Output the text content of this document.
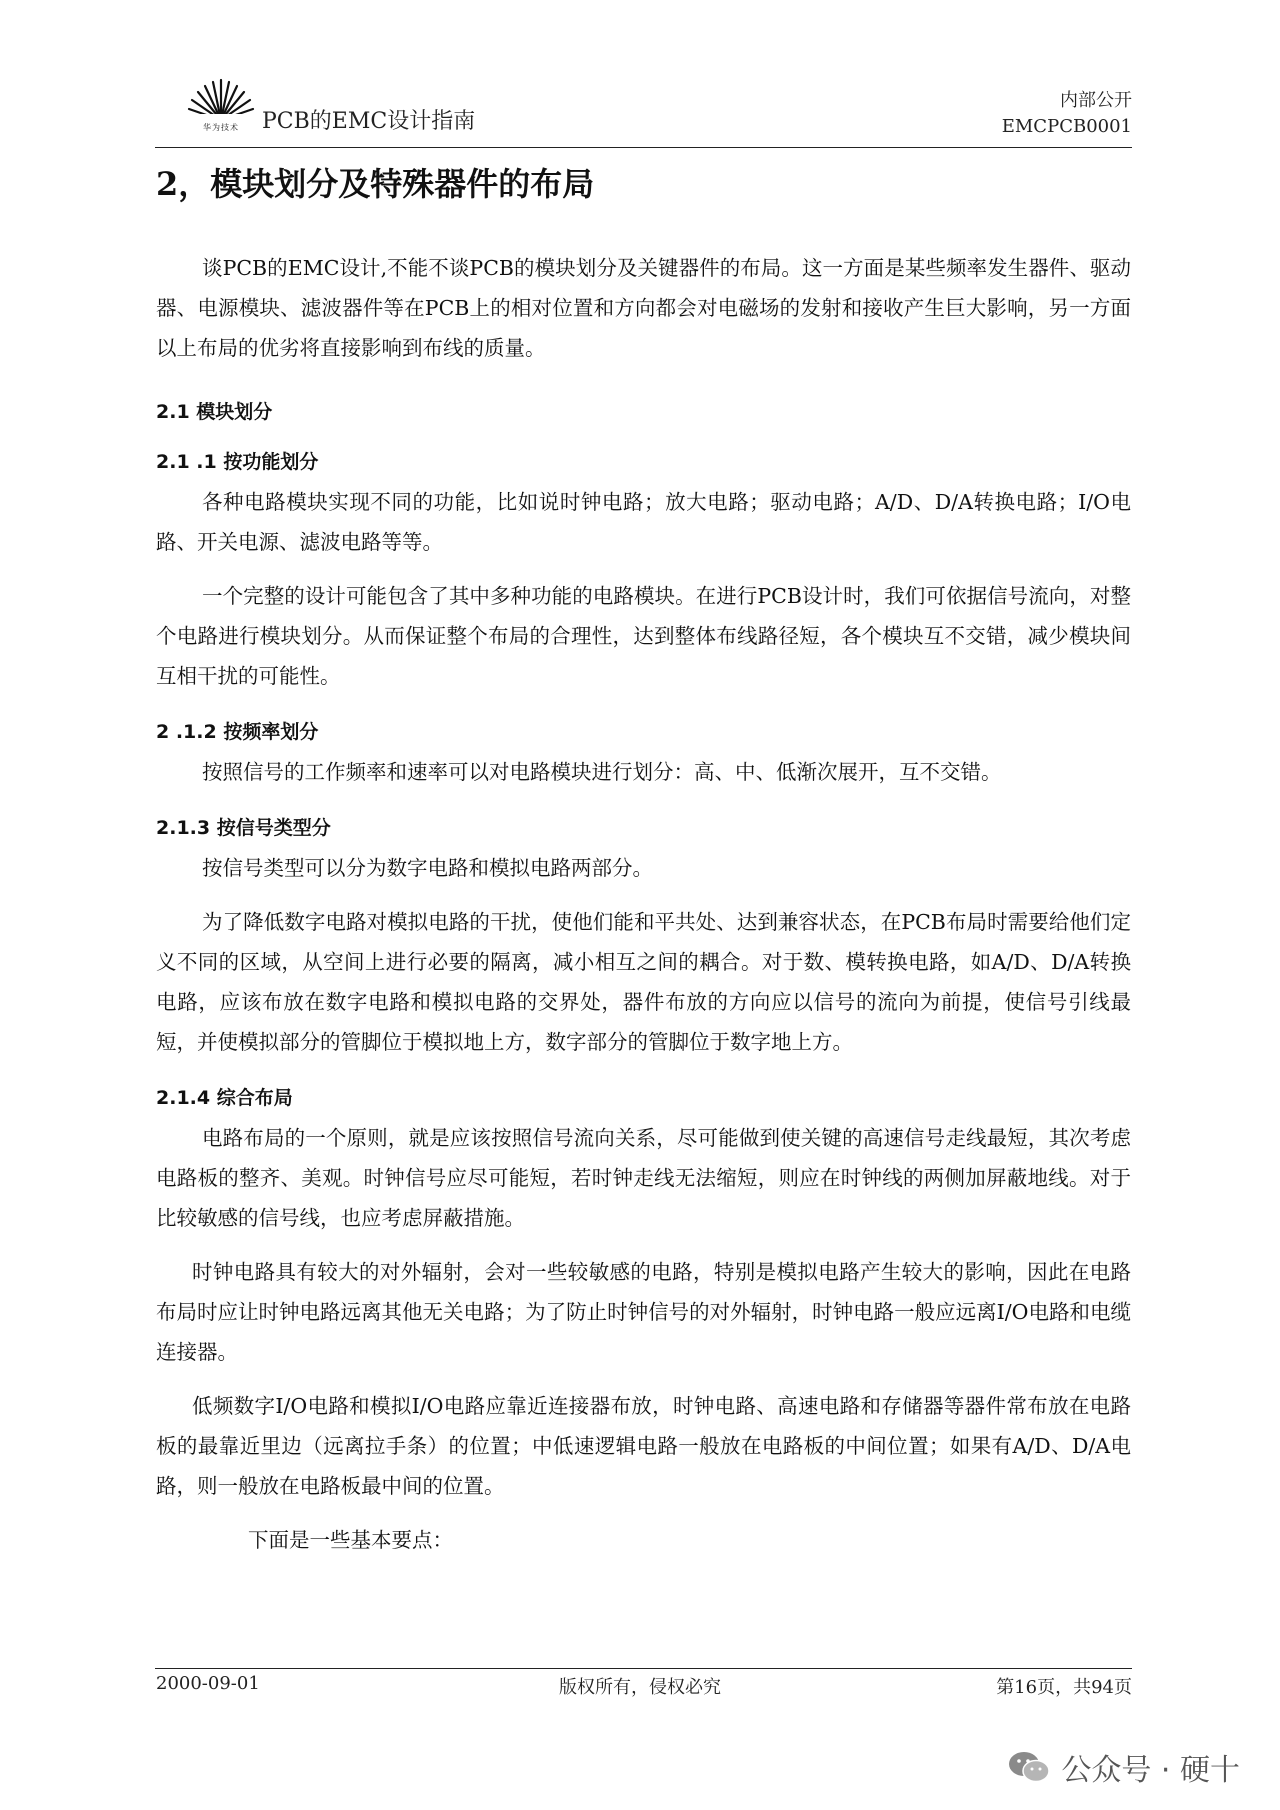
华为技术	PCB的EMC设计指南
内部公开
EMCPCB0001
2，模块划分及特殊器件的布局

谈PCB的EMC设计,不能不谈PCB的模块划分及关键器件的布局。这一方面是某些频率发生器件、驱动器、电源模块、滤波器件等在PCB上的相对位置和方向都会对电磁场的发射和接收产生巨大影响，另一方面以上布局的优劣将直接影响到布线的质量。

2.1 模块划分
2.1 .1 按功能划分

各种电路模块实现不同的功能，比如说时钟电路；放大电路；驱动电路；A/D、D/A转换电路；I/O电路、开关电源、滤波电路等等。

一个完整的设计可能包含了其中多种功能的电路模块。在进行PCB设计时，我们可依据信号流向，对整个电路进行模块划分。从而保证整个布局的合理性，达到整体布线路径短，各个模块互不交错，减少模块间互相干扰的可能性。

2 .1.2 按频率划分

按照信号的工作频率和速率可以对电路模块进行划分：高、中、低渐次展开，互不交错。

2.1.3 按信号类型分

按信号类型可以分为数字电路和模拟电路两部分。

为了降低数字电路对模拟电路的干扰，使他们能和平共处、达到兼容状态，在PCB布局时需要给他们定义不同的区域，从空间上进行必要的隔离，减小相互之间的耦合。对于数、模转换电路，如A/D、D/A转换电路，应该布放在数字电路和模拟电路的交界处，器件布放的方向应以信号的流向为前提，使信号引线最短，并使模拟部分的管脚位于模拟地上方，数字部分的管脚位于数字地上方。

2.1.4 综合布局

电路布局的一个原则，就是应该按照信号流向关系，尽可能做到使关键的高速信号走线最短，其次考虑电路板的整齐、美观。时钟信号应尽可能短，若时钟走线无法缩短，则应在时钟线的两侧加屏蔽地线。对于比较敏感的信号线，也应考虑屏蔽措施。

时钟电路具有较大的对外辐射，会对一些较敏感的电路，特别是模拟电路产生较大的影响，因此在电路布局时应让时钟电路远离其他无关电路；为了防止时钟信号的对外辐射，时钟电路一般应远离I/O电路和电缆连接器。

低频数字I/O电路和模拟I/O电路应靠近连接器布放，时钟电路、高速电路和存储器等器件常布放在电路板的最靠近里边（远离拉手条）的位置；中低速逻辑电路一般放在电路板的中间位置；如果有A/D、D/A电路，则一般放在电路板最中间的位置。

下面是一些基本要点：

2000-09-01	版权所有，侵权必究	第16页，共94页
公众号 · 硬十
